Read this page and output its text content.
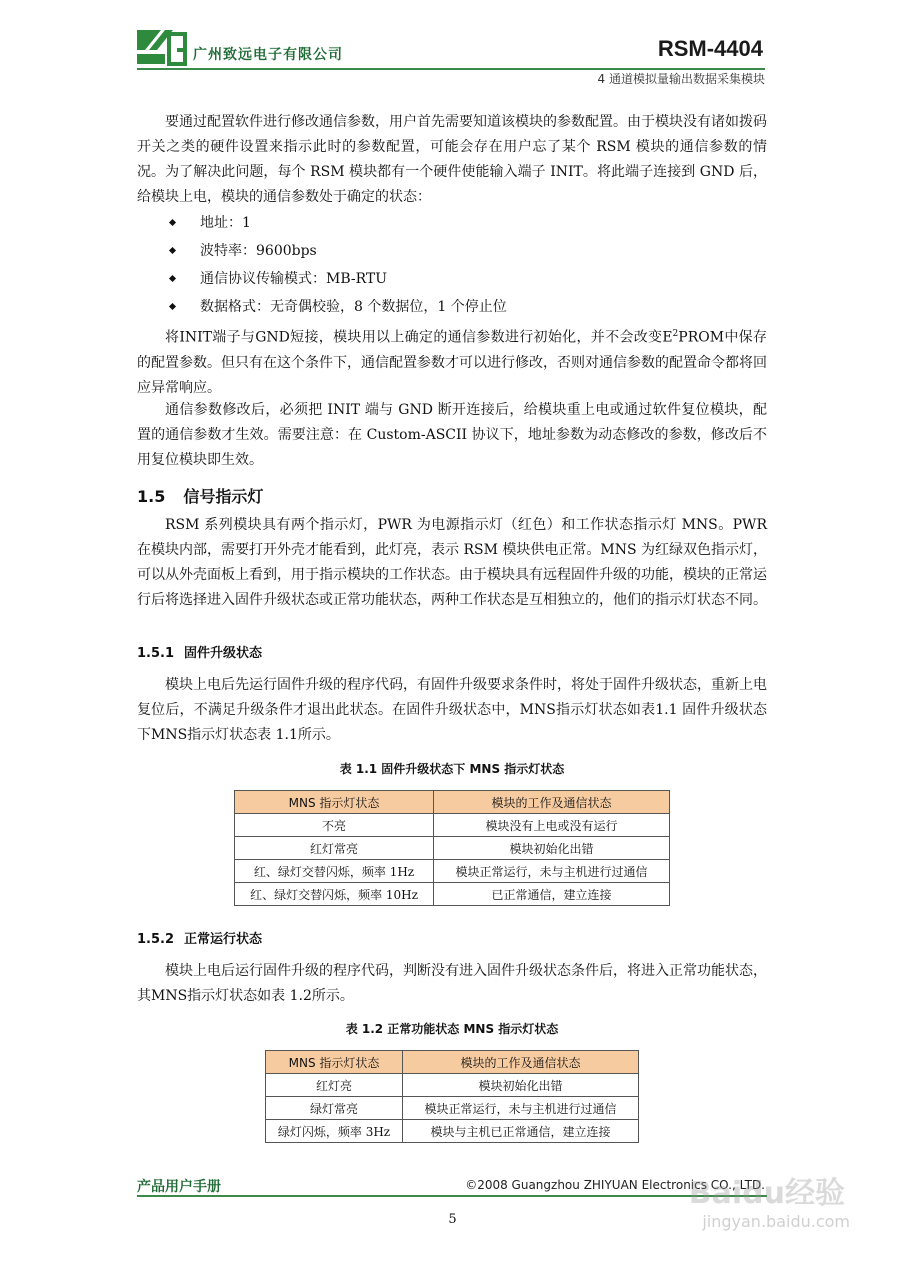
广州致远电子有限公司	RSM-4404
4 通道模拟量输出数据采集模块

要通过配置软件进行修改通信参数，用户首先需要知道该模块的参数配置。由于模块没有诸如拨码开关之类的硬件设置来指示此时的参数配置，可能会存在用户忘了某个 RSM 模块的通信参数的情况。为了解决此问题，每个 RSM 模块都有一个硬件使能输入端子 INIT。将此端子连接到 GND 后，给模块上电，模块的通信参数处于确定的状态：

地址：1
波特率：9600bps
通信协议传输模式：MB-RTU
数据格式：无奇偶校验，8 个数据位，1 个停止位

将INIT端子与GND短接，模块用以上确定的通信参数进行初始化，并不会改变$E^2PROM$中保存的配置参数。但只有在这个条件下，通信配置参数才可以进行修改，否则对通信参数的配置命令都将回应异常响应。

通信参数修改后，必须把 INIT 端与 GND 断开连接后，给模块重上电或通过软件复位模块，配置的通信参数才生效。需要注意：在 Custom-ASCII 协议下，地址参数为动态修改的参数，修改后不用复位模块即生效。

1.5 信号指示灯

RSM 系列模块具有两个指示灯，PWR 为电源指示灯（红色）和工作状态指示灯 MNS。PWR 在模块内部，需要打开外壳才能看到，此灯亮，表示 RSM 模块供电正常。MNS 为红绿双色指示灯，可以从外壳面板上看到，用于指示模块的工作状态。由于模块具有远程固件升级的功能，模块的正常运行后将选择进入固件升级状态或正常功能状态，两种工作状态是互相独立的，他们的指示灯状态不同。

1.5.1 固件升级状态

模块上电后先运行固件升级的程序代码，有固件升级要求条件时，将处于固件升级状态，重新上电复位后，不满足升级条件才退出此状态。在固件升级状态中，MNS指示灯状态如表1.1 固件升级状态下MNS指示灯状态表 1.1所示。

表 1.1 固件升级状态下 MNS 指示灯状态
MNS 指示灯状态	模块的工作及通信状态
不亮	模块没有上电或没有运行
红灯常亮	模块初始化出错
红、绿灯交替闪烁，频率 1Hz	模块正常运行，未与主机进行过通信
红、绿灯交替闪烁，频率 10Hz	已正常通信，建立连接
1.5.2 正常运行状态

模块上电后运行固件升级的程序代码，判断没有进入固件升级状态条件后，将进入正常功能状态，其MNS指示灯状态如表 1.2所示。

表 1.2 正常功能状态 MNS 指示灯状态
MNS 指示灯状态	模块的工作及通信状态
红灯亮	模块初始化出错
绿灯常亮	模块正常运行，未与主机进行过通信
绿灯闪烁，频率 3Hz	模块与主机已正常通信，建立连接
产品用户手册	©2008 Guangzhou ZHIYUAN Electronics CO., LTD.
5
Baidu经验
jingyan.baidu.com
